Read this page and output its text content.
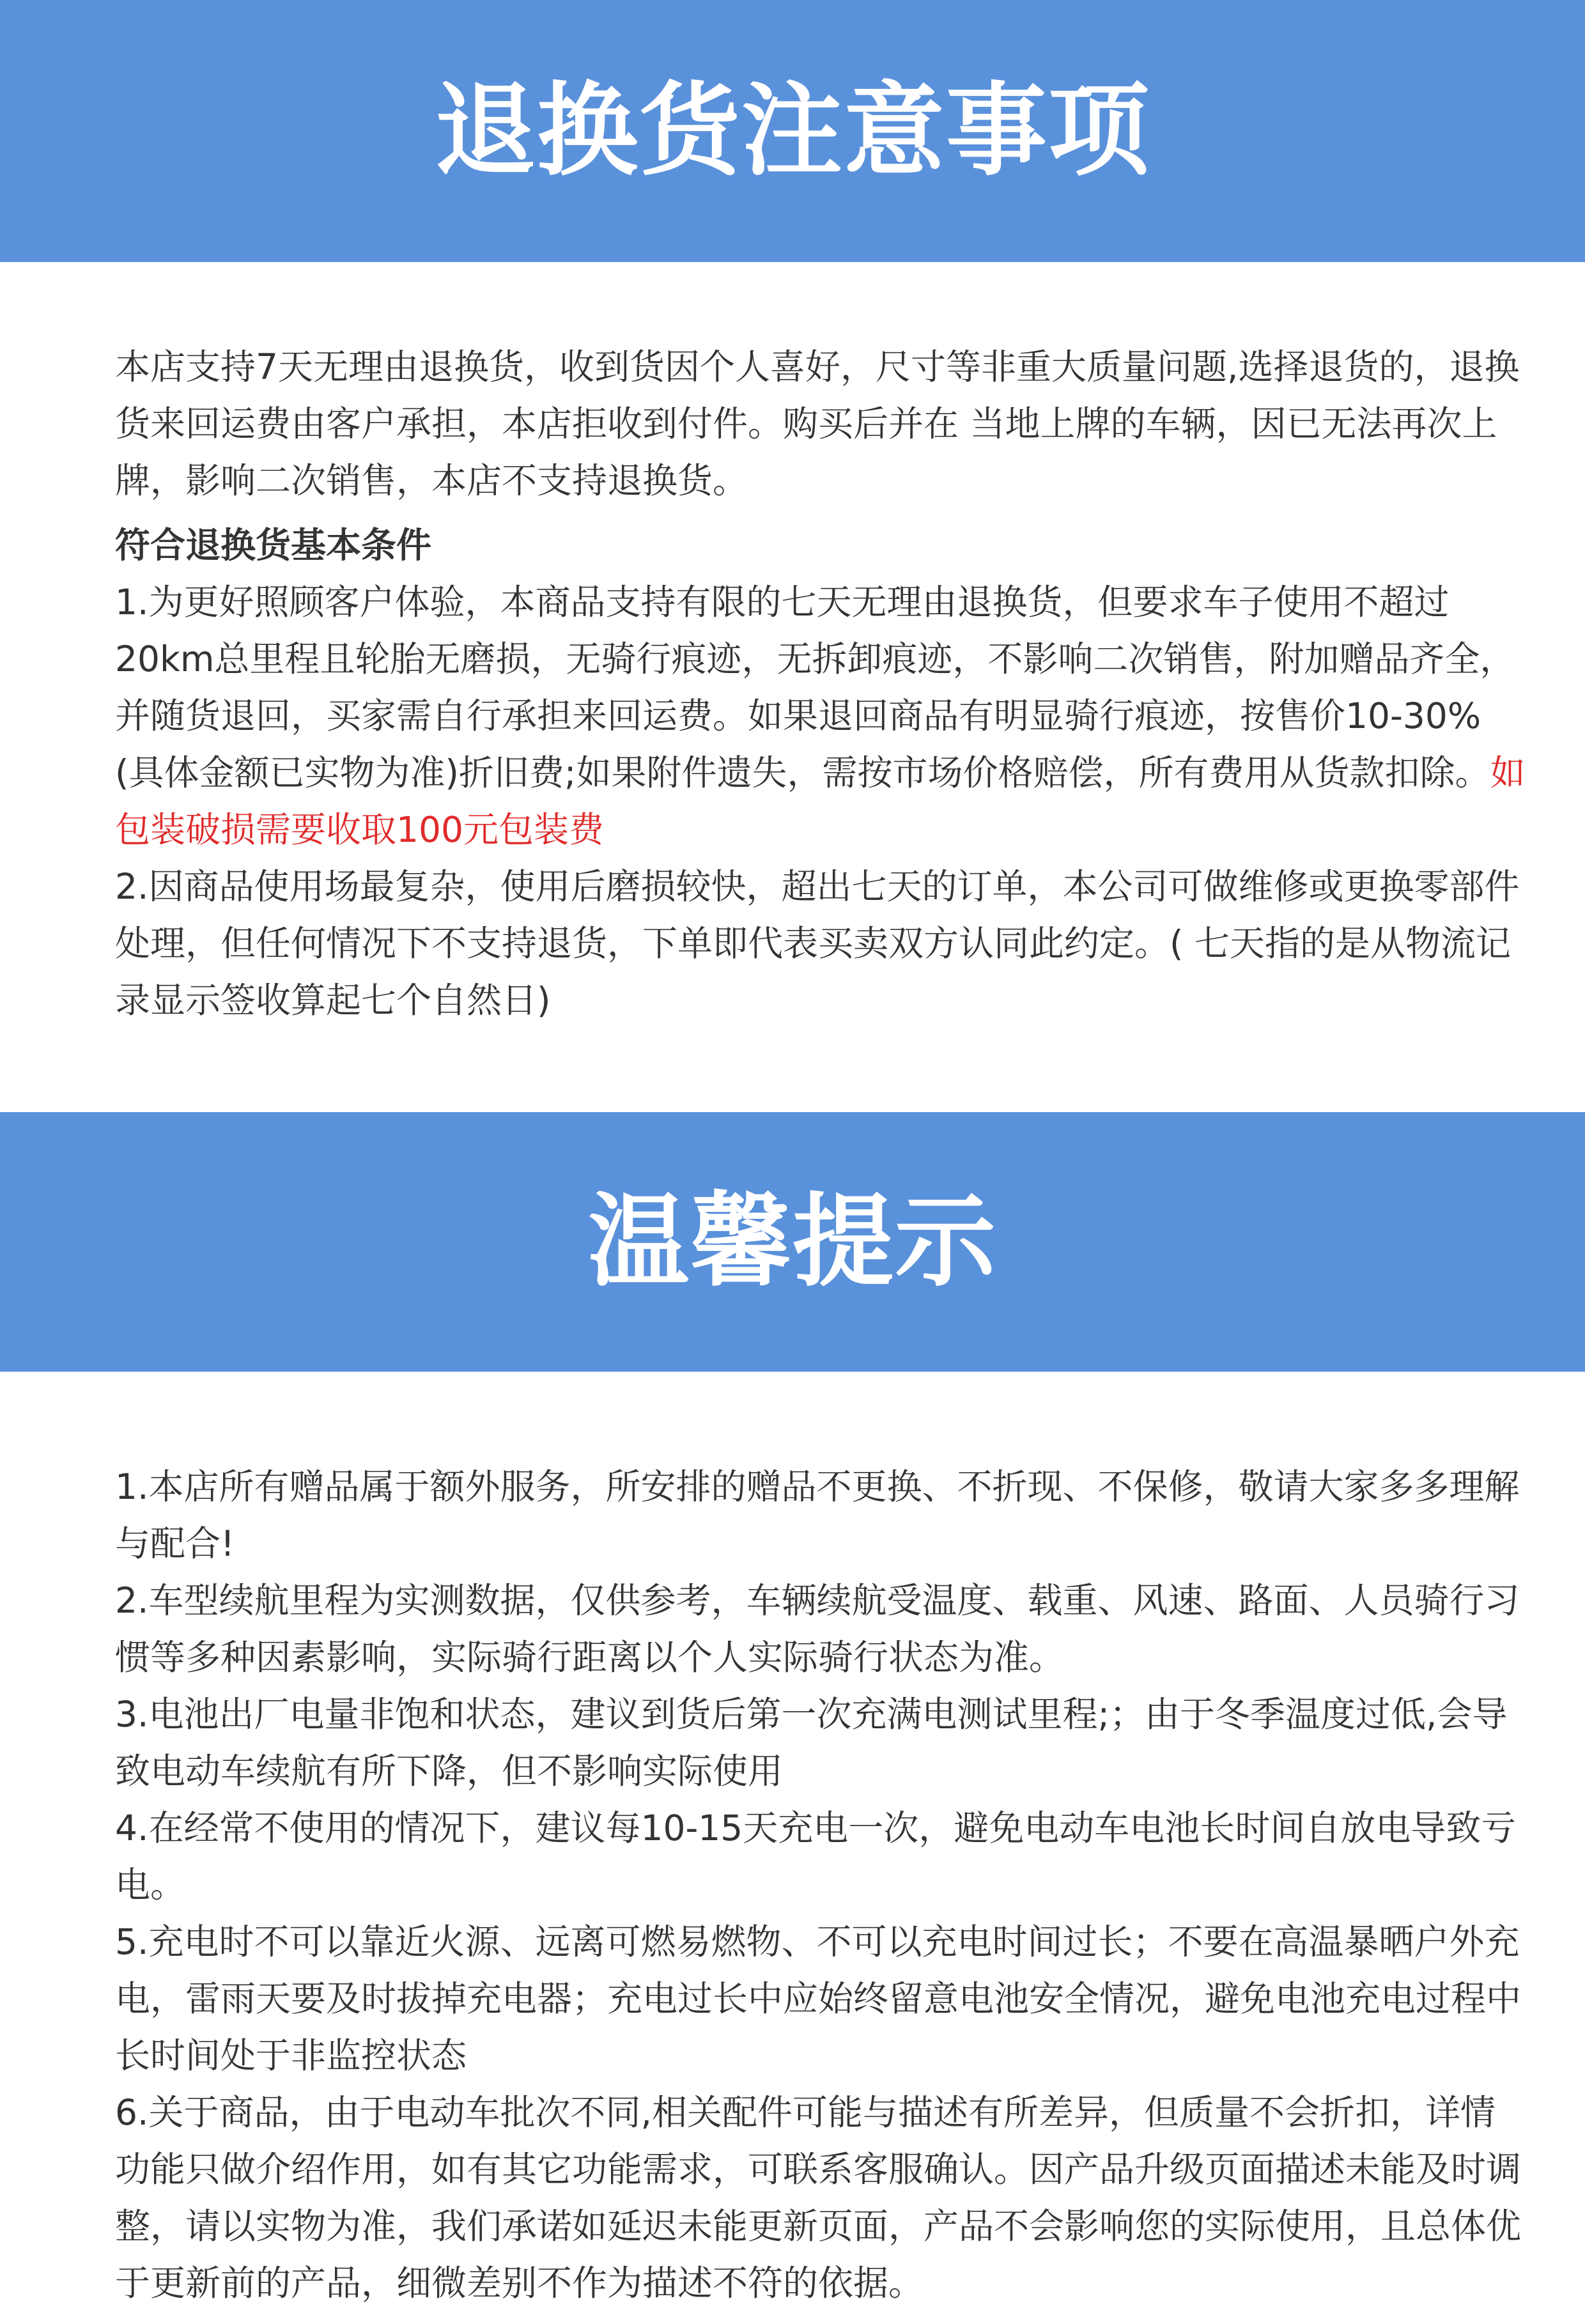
退换货注意事项

本店支持7天无理由退换货，收到货因个人喜好，尺寸等非重大质量问题,选择退货的，退换货来回运费由客户承担，本店拒收到付件。购买后并在 当地上牌的车辆，因已无法再次上牌，影响二次销售，本店不支持退换货。

符合退换货基本条件

1.为更好照顾客户体验，本商品支持有限的七天无理由退换货，但要求车子使用不超过20km总里程且轮胎无磨损，无骑行痕迹，无拆卸痕迹，不影响二次销售，附加赠品齐全，并随货退回，买家需自行承担来回运费。如果退回商品有明显骑行痕迹，按售价10-30% (具体金额已实物为准)折旧费;如果附件遗失，需按市场价格赔偿，所有费用从货款扣除。如包装破损需要收取100元包装费

2.因商品使用场最复杂，使用后磨损较快，超出七天的订单，本公司可做维修或更换零部件处理，但任何情况下不支持退货，下单即代表买卖双方认同此约定。( 七天指的是从物流记录显示签收算起七个自然日)

温馨提示

1.本店所有赠品属于额外服务，所安排的赠品不更换、不折现、不保修，敬请大家多多理解与配合!

2.车型续航里程为实测数据，仅供参考，车辆续航受温度、载重、风速、路面、人员骑行习惯等多种因素影响，实际骑行距离以个人实际骑行状态为准。

3.电池出厂电量非饱和状态，建议到货后第一次充满电测试里程;；由于冬季温度过低,会导致电动车续航有所下降，但不影响实际使用

4.在经常不使用的情况下，建议每10-15天充电一次，避免电动车电池长时间自放电导致亏电。

5.充电时不可以靠近火源、远离可燃易燃物、不可以充电时间过长；不要在高温暴晒户外充电，雷雨天要及时拔掉充电器；充电过长中应始终留意电池安全情况，避免电池充电过程中长时间处于非监控状态

6.关于商品，由于电动车批次不同,相关配件可能与描述有所差异，但质量不会折扣，详情功能只做介绍作用，如有其它功能需求，可联系客服确认。因产品升级页面描述未能及时调整，请以实物为准，我们承诺如延迟未能更新页面，产品不会影响您的实际使用，且总体优于更新前的产品，细微差别不作为描述不符的依据。
